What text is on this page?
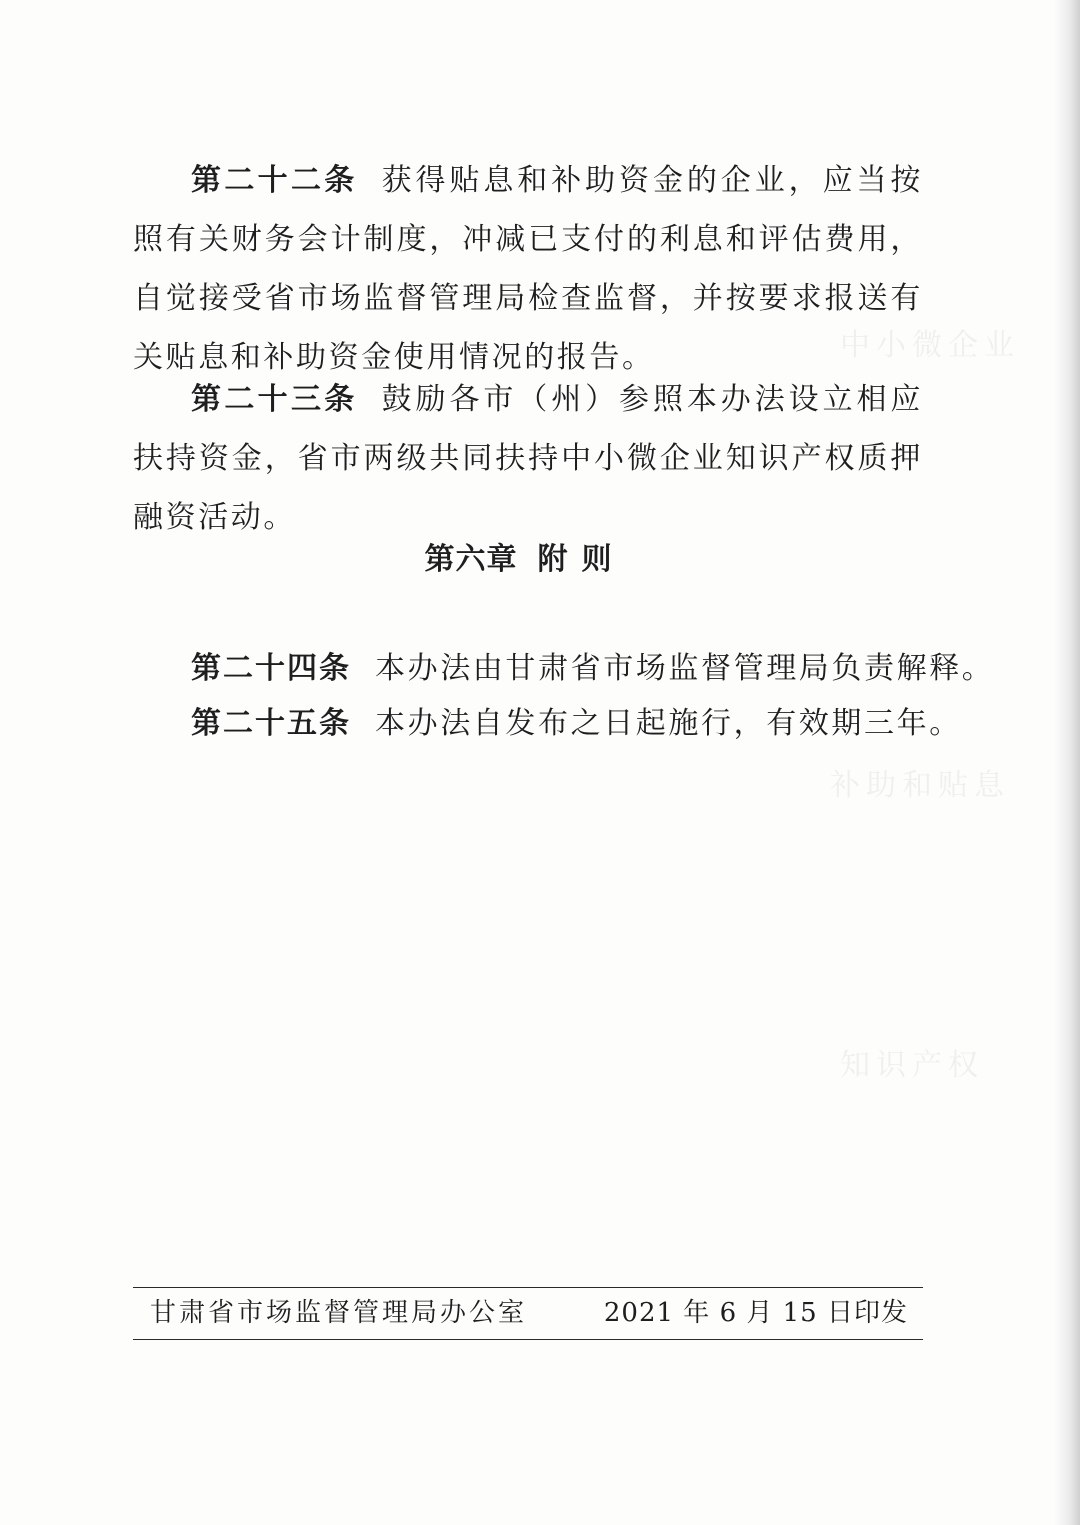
中小微企业
补助和贴息
知识产权
第二十二条 获得贴息和补助资金的企业，应当按照有关财务会计制度，冲减已支付的利息和评估费用，自觉接受省市场监督管理局检查监督，并按要求报送有关贴息和补助资金使用情况的报告。
第二十三条 鼓励各市（州）参照本办法设立相应扶持资金，省市两级共同扶持中小微企业知识产权质押融资活动。
第六章 附则
第二十四条 本办法由甘肃省市场监督管理局负责解释。
第二十五条 本办法自发布之日起施行，有效期三年。
甘肃省市场监督管理局办公室	2021 年 6 月 15 日印发
